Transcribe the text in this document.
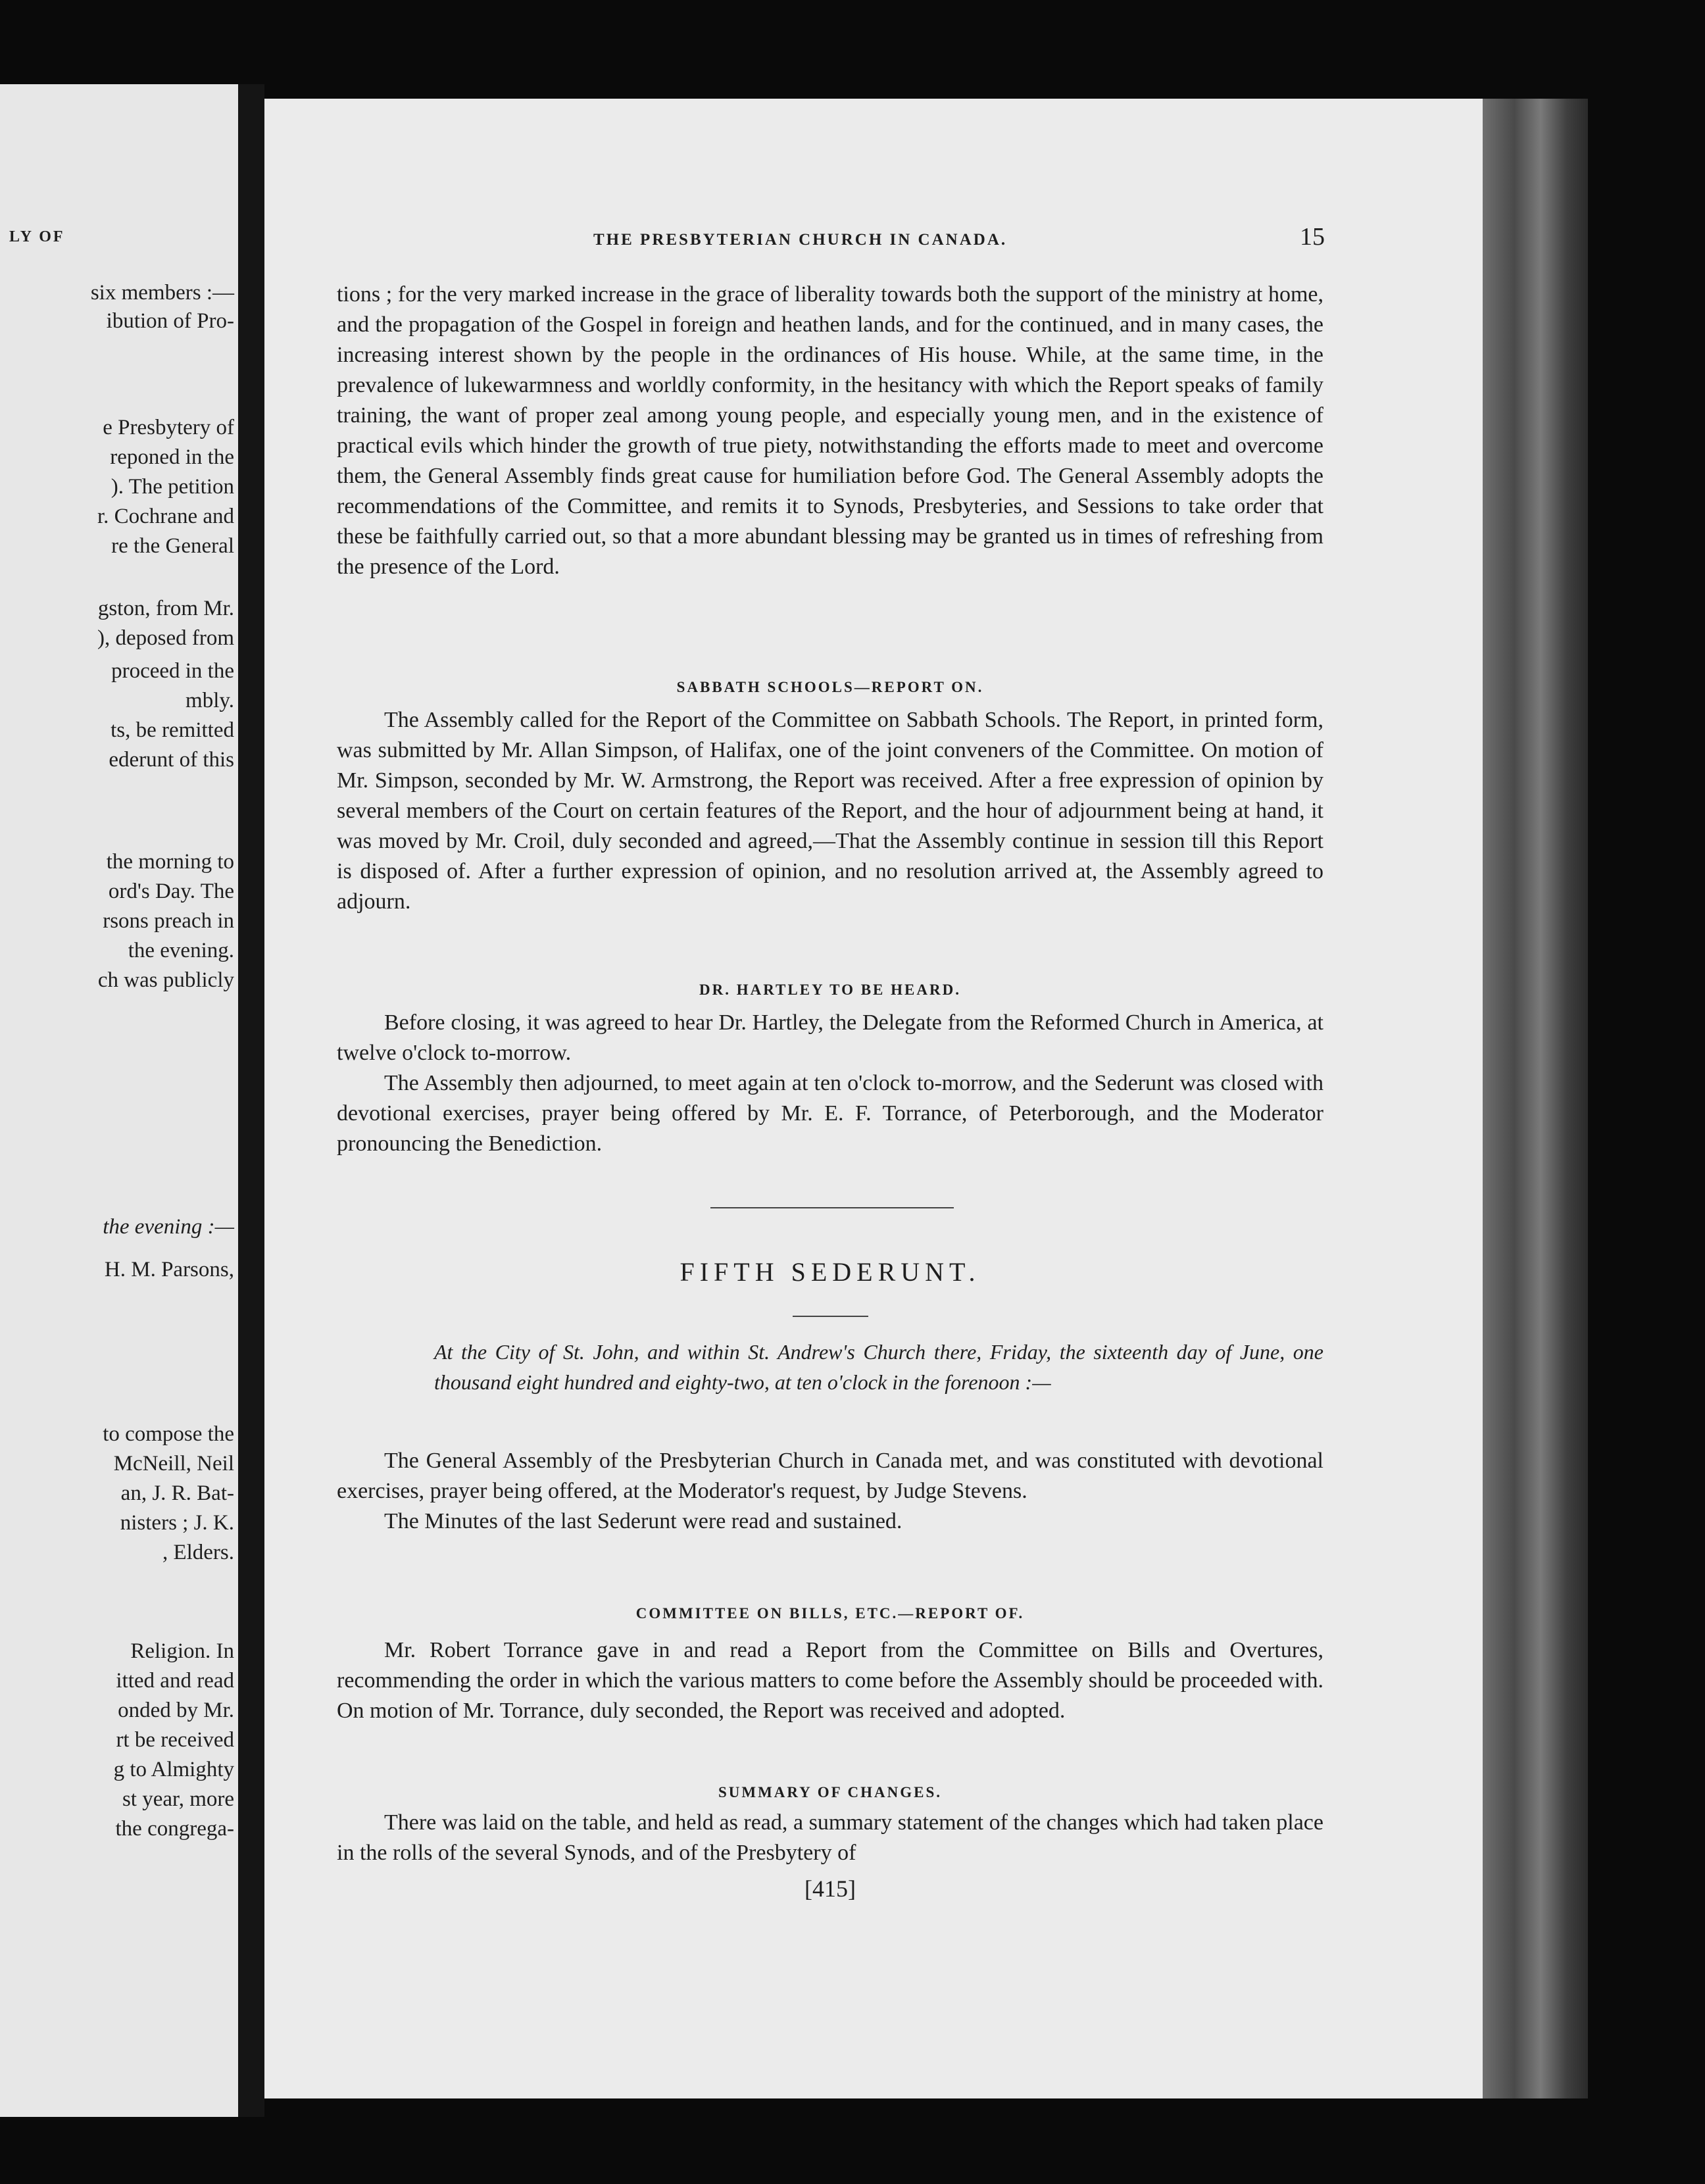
LY OF
six members :—
ibution of Pro-
e Presbytery of
reponed in the
). The petition
r. Cochrane and
re the General
gston, from Mr.
), deposed from
proceed in the
mbly.
ts, be remitted
ederunt of this
the morning to
ord's Day. The
rsons preach in
the evening.
ch was publicly
the evening :—
H. M. Parsons,
to compose the
McNeill, Neil
an, J. R. Bat-
nisters ; J. K.
, Elders.
Religion. In
itted and read
onded by Mr.
rt be received
g to Almighty
st year, more
the congrega-
THE PRESBYTERIAN CHURCH IN CANADA.	15

tions ; for the very marked increase in the grace of liberality towards both the support of the ministry at home, and the propagation of the Gospel in foreign and heathen lands, and for the continued, and in many cases, the increasing interest shown by the people in the ordinances of His house. While, at the same time, in the prevalence of lukewarmness and worldly conformity, in the hesitancy with which the Report speaks of family training, the want of proper zeal among young people, and especially young men, and in the existence of practical evils which hinder the growth of true piety, notwithstanding the efforts made to meet and overcome them, the General Assembly finds great cause for humiliation before God. The General Assembly adopts the recommendations of the Committee, and remits it to Synods, Presbyteries, and Sessions to take order that these be faithfully carried out, so that a more abundant blessing may be granted us in times of refreshing from the presence of the Lord.

SABBATH SCHOOLS—REPORT ON.

The Assembly called for the Report of the Committee on Sabbath Schools. The Report, in printed form, was submitted by Mr. Allan Simpson, of Halifax, one of the joint conveners of the Committee. On motion of Mr. Simpson, seconded by Mr. W. Armstrong, the Report was received. After a free expression of opinion by several members of the Court on certain features of the Report, and the hour of adjournment being at hand, it was moved by Mr. Croil, duly seconded and agreed,—That the Assembly continue in session till this Report is disposed of. After a further expression of opinion, and no resolution arrived at, the Assembly agreed to adjourn.

DR. HARTLEY TO BE HEARD.

Before closing, it was agreed to hear Dr. Hartley, the Delegate from the Reformed Church in America, at twelve o'clock to-morrow.

The Assembly then adjourned, to meet again at ten o'clock to-morrow, and the Sederunt was closed with devotional exercises, prayer being offered by Mr. E. F. Torrance, of Peterborough, and the Moderator pronouncing the Benediction.

FIFTH SEDERUNT.

At the City of St. John, and within St. Andrew's Church there, Friday, the sixteenth day of June, one thousand eight hundred and eighty-two, at ten o'clock in the forenoon :—

The General Assembly of the Presbyterian Church in Canada met, and was constituted with devotional exercises, prayer being offered, at the Moderator's request, by Judge Stevens.

The Minutes of the last Sederunt were read and sustained.

COMMITTEE ON BILLS, ETC.—REPORT OF.

Mr. Robert Torrance gave in and read a Report from the Committee on Bills and Overtures, recommending the order in which the various matters to come before the Assembly should be proceeded with. On motion of Mr. Torrance, duly seconded, the Report was received and adopted.

SUMMARY OF CHANGES.

There was laid on the table, and held as read, a summary statement of the changes which had taken place in the rolls of the several Synods, and of the Presbytery of

[415]
